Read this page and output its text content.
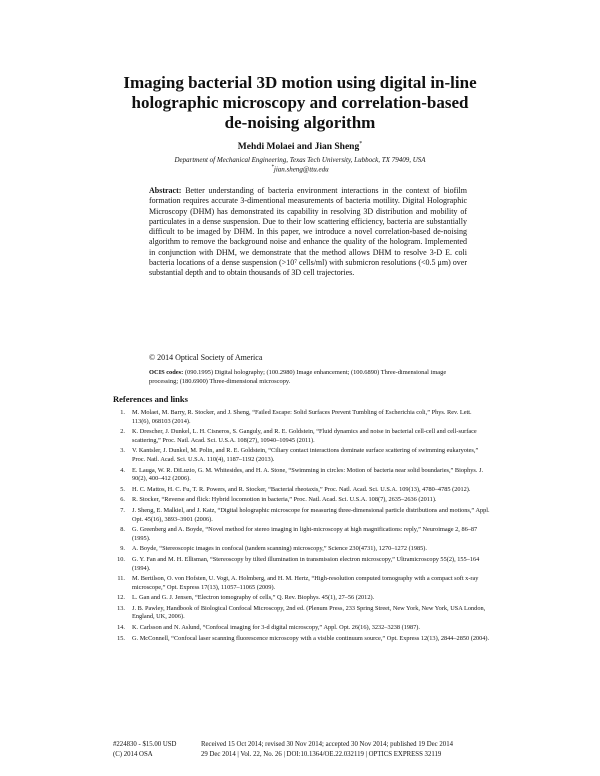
Imaging bacterial 3D motion using digital in-line
holographic microscopy and correlation-based
de-noising algorithm
Mehdi Molaei and Jian Sheng*
Department of Mechanical Engineering, Texas Tech University, Lubbock, TX 79409, USA
*jian.sheng@ttu.edu
Abstract: Better understanding of bacteria environment interactions in the context of biofilm formation requires accurate 3-dimentional measurements of bacteria motility. Digital Holographic Microscopy (DHM) has demonstrated its capability in resolving 3D distribution and mobility of particulates in a dense suspension. Due to their low scattering efficiency, bacteria are substantially difficult to be imaged by DHM. In this paper, we introduce a novel correlation-based de-noising algorithm to remove the background noise and enhance the quality of the hologram. Implemented in conjunction with DHM, we demonstrate that the method allows DHM to resolve 3-D E. coli bacteria locations of a dense suspension (>10⁷ cells/ml) with submicron resolutions (<0.5 μm) over substantial depth and to obtain thousands of 3D cell trajectories.
© 2014 Optical Society of America
OCIS codes: (090.1995) Digital holography; (100.2980) Image enhancement; (100.6890) Three-dimensional image processing; (180.6900) Three-dimensional microscopy.
References and links
1. M. Molaei, M. Barry, R. Stocker, and J. Sheng, “Failed Escape: Solid Surfaces Prevent Tumbling of Escherichia coli,” Phys. Rev. Lett. 113(6), 068103 (2014).
2. K. Drescher, J. Dunkel, L. H. Cisneros, S. Ganguly, and R. E. Goldstein, “Fluid dynamics and noise in bacterial cell-cell and cell-surface scattering,” Proc. Natl. Acad. Sci. U.S.A. 108(27), 10940–10945 (2011).
3. V. Kantsler, J. Dunkel, M. Polin, and R. E. Goldstein, “Ciliary contact interactions dominate surface scattering of swimming eukaryotes,” Proc. Natl. Acad. Sci. U.S.A. 110(4), 1187–1192 (2013).
4. E. Lauga, W. R. DiLuzio, G. M. Whitesides, and H. A. Stone, “Swimming in circles: Motion of bacteria near solid boundaries,” Biophys. J. 90(2), 400–412 (2006).
5. H. C. Mattos, H. C. Fu, T. R. Powers, and R. Stocker, “Bacterial rheotaxis,” Proc. Natl. Acad. Sci. U.S.A. 109(13), 4780–4785 (2012).
6. R. Stocker, “Reverse and flick: Hybrid locomotion in bacteria,” Proc. Natl. Acad. Sci. U.S.A. 108(7), 2635–2636 (2011).
7. J. Sheng, E. Malkiel, and J. Katz, “Digital holographic microscope for measuring three-dimensional particle distributions and motions,” Appl. Opt. 45(16), 3893–3901 (2006).
8. G. Greenberg and A. Boyde, “Novel method for stereo imaging in light-microscopy at high magnifications: reply,” Neuroimage 2, 86–87 (1995).
9. A. Boyde, “Stereoscopic images in confocal (tandem scanning) microscopy,” Science 230(4731), 1270–1272 (1985).
10. G. Y. Fan and M. H. Ellisman, “Stereoscopy by tilted illumination in transmission electron microscopy,” Ultramicroscopy 55(2), 155–164 (1994).
11. M. Bertilson, O. von Hofsten, U. Vogt, A. Holmberg, and H. M. Hertz, “High-resolution computed tomography with a compact soft x-ray microscope,” Opt. Express 17(13), 11057–11065 (2009).
12. L. Gan and G. J. Jensen, “Electron tomography of cells,” Q. Rev. Biophys. 45(1), 27–56 (2012).
13. J. B. Pawley, Handbook of Biological Confocal Microscopy, 2nd ed. (Plenum Press, 233 Spring Street, New York, New York, USA London, England, UK, 2006).
14. K. Carlsson and N. Aslund, “Confocal imaging for 3-d digital microscopy,” Appl. Opt. 26(16), 3232–3238 (1987).
15. G. McConnell, “Confocal laser scanning fluorescence microscopy with a visible continuum source,” Opt. Express 12(13), 2844–2850 (2004).
#224830 - $15.00 USD	Received 15 Oct 2014; revised 30 Nov 2014; accepted 30 Nov 2014; published 19 Dec 2014
(C) 2014 OSA	29 Dec 2014 | Vol. 22, No. 26 | DOI:10.1364/OE.22.032119 | OPTICS EXPRESS 32119
